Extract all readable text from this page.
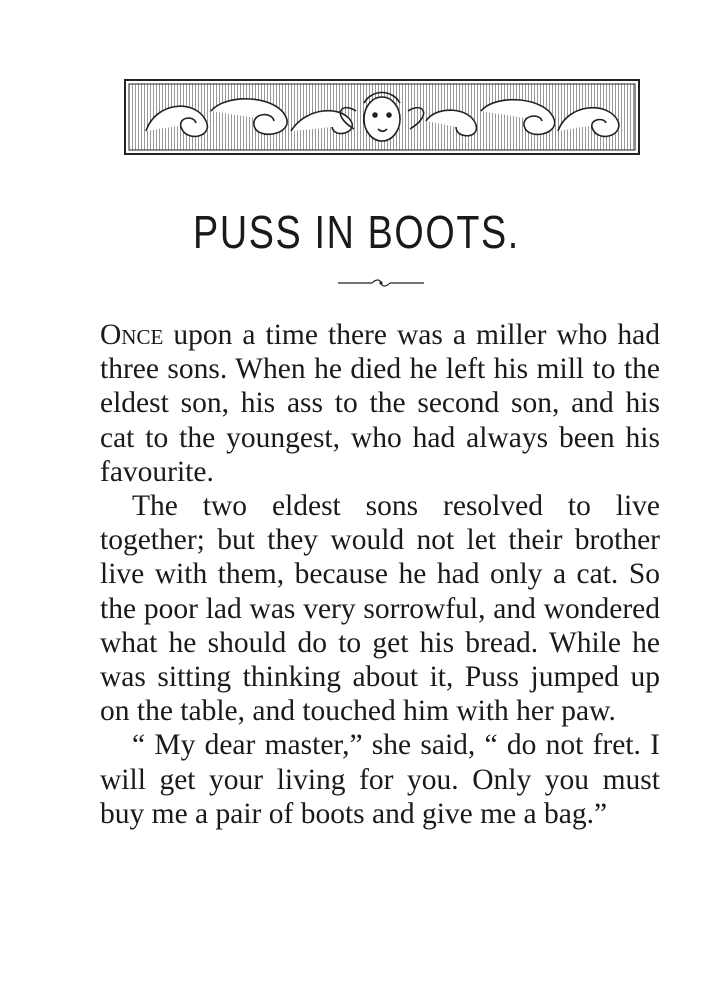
PUSS IN BOOTS.

Once upon a time there was a miller who had three sons. When he died he left his mill to the eldest son, his ass to the second son, and his cat to the youngest, who had always been his favourite.

The two eldest sons resolved to live together; but they would not let their brother live with them, because he had only a cat. So the poor lad was very sorrowful, and wondered what he should do to get his bread. While he was sitting thinking about it, Puss jumped up on the table, and touched him with her paw.

“ My dear master,” she said, “ do not fret. I will get your living for you. Only you must buy me a pair of boots and give me a bag.”
